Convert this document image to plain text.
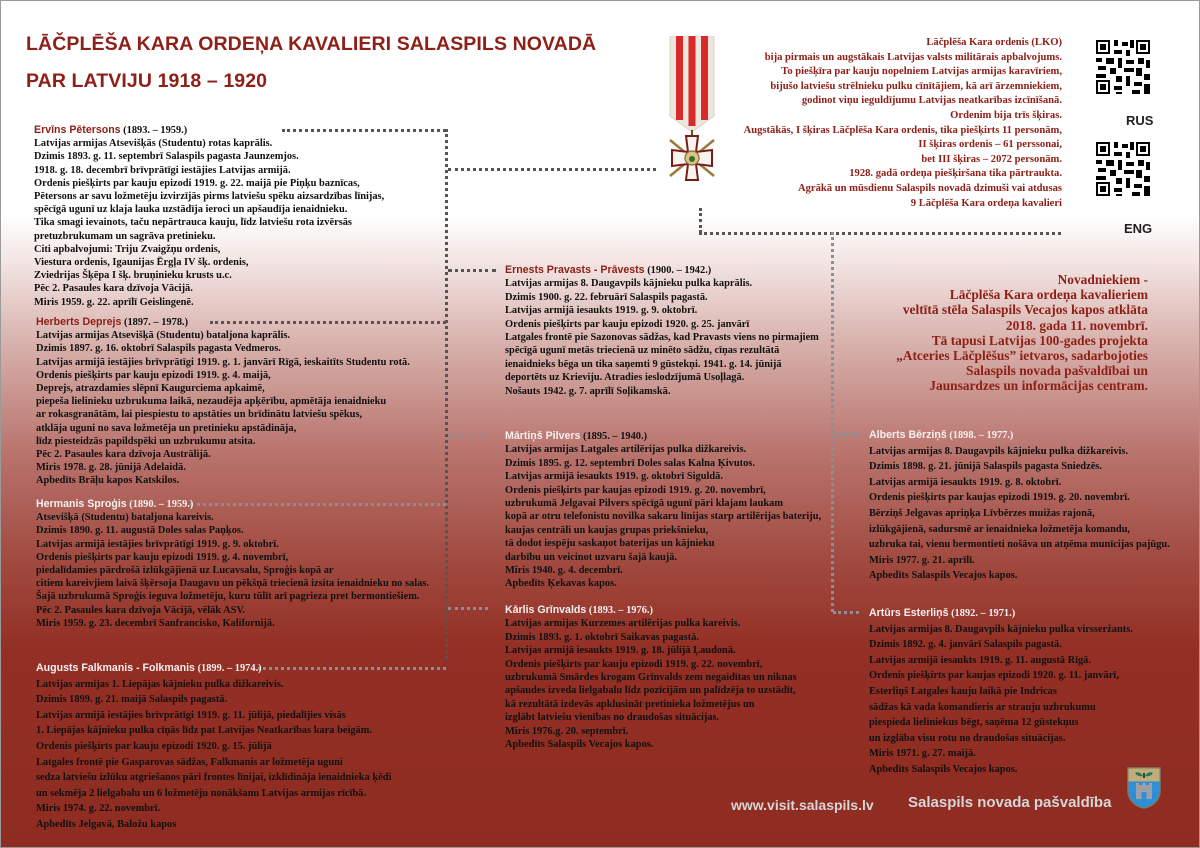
LĀČPLĒŠA KARA ORDEŅA KAVALIERI SALASPILS NOVADĀ
PAR LATVIJU 1918 – 1920
Lāčplēša Kara ordenis (LKO)
bija pirmais un augstākais Latvijas valsts militārais apbalvojums.
To piešķīra par kauju nopelniem Latvijas armijas karavīriem,
bijušo latviešu strēlnieku pulku cīnītājiem, kā arī ārzemniekiem,
godinot viņu ieguldījumu Latvijas neatkarības izcīnīšanā.
Ordenim bija trīs šķiras.
Augstākās, I šķiras Lāčplēša Kara ordenis, tika piešķirts 11 personām,
II šķiras ordenis – 61 perssonai,
bet III šķiras – 2072 personām.
1928. gadā ordeņa piešķiršana tika pārtraukta.
Agrākā un mūsdienu Salaspils novadā dzimuši vai atdusas
9 Lāčplēša Kara ordeņa kavalieri
RUS
ENG
Novadniekiem -
Lāčplēša Kara ordeņa kavalieriem
veltītā stēla Salaspils Vecajos kapos atklāta
2018. gada 11. novembrī.
Tā tapusi Latvijas 100-gades projekta
„Atceries Lāčplēšus” ietvaros, sadarbojoties
Salaspils novada pašvaldībai un
Jaunsardzes un informācijas centram.
Ervīns Pētersons (1893. – 1959.)
Latvijas armijas Atsevišķās (Studentu) rotas kaprālis.
Dzimis 1893. g. 11. septembrī Salaspils pagasta Jaunzemjos.
1918. g. 18. decembrī brīvprātīgi iestājies Latvijas armijā.
Ordenis piešķirts par kauju epizodi 1919. g. 22. maijā pie Piņķu baznīcas,
Pētersons ar savu ložmetēju izvirzījās pirms latviešu spēku aizsardzības līnijas,
spēcīgā ugunī uz klaja lauka uzstādīja ieroci un apšaudīja ienaidnieku.
Tika smagi ievainots, taču nepārtrauca kauju, līdz latviešu rota izvērsās
pretuzbrukumam un sagrāva pretinieku.
Citi apbalvojumi: Triju Zvaigžņu ordenis,
Viestura ordenis, Igaunijas Ērgļa IV šķ. ordenis,
Zviedrijas Šķēpa I šķ. bruņinieku krusts u.c.
Pēc 2. Pasaules kara dzīvoja Vācijā.
Miris 1959. g. 22. aprīlī Geislingenē.
Herberts Deprejs (1897. – 1978.)
Latvijas armijas Atsevišķā (Studentu) bataljona kaprālis.
Dzimis 1897. g. 16. oktobrī Salaspils pagasta Vedmeros.
Latvijas armijā iestājies brīvprātīgi 1919. g. 1. janvārī Rīgā, ieskaitīts Studentu rotā.
Ordenis piešķirts par kauju epizodi 1919. g. 4. maijā,
Deprejs, atrazdamies slēpnī Kaugurciema apkaimē,
piepeša lielinieku uzbrukuma laikā, nezaudēja apķērību, apmētāja ienaidnieku
ar rokasgranātām, lai piespiestu to apstāties un brīdinātu latviešu spēkus,
atklāja uguni no sava ložmetēja un pretinieku apstādināja,
līdz piesteidzās papildspēki un uzbrukumu atsita.
Pēc 2. Pasaules kara dzīvoja Austrālijā.
Miris 1978. g. 28. jūnijā Adelaidā.
Apbedīts Brāļu kapos Katskilos.
Hermanis Sproģis (1890. – 1959.)
Atsevišķā (Studentu) bataljona kareivis.
Dzimis 1890. g. 11. augustā Doles salas Paņķos.
Latvijas armijā iestājies brīvprātīgi 1919. g. 9. oktobrī.
Ordenis piešķirts par kauju epizodi 1919. g. 4. novembrī,
piedalīdamies pārdrošā izlūkgājienā uz Lucavsalu, Sproģis kopā ar
citiem kareivjiem laivā šķērsoja Daugavu un pēkšņā triecienā izsita ienaidnieku no salas.
Šajā uzbrukumā Sproģis ieguva ložmetēju, kuru tūlīt arī pagrieza pret bermontiešiem.
Pēc 2. Pasaules kara dzīvoja Vācijā, vēlāk ASV.
Miris 1959. g. 23. decembrī Sanfrancisko, Kalifornijā.
Augusts Falkmanis - Folkmanis (1899. – 1974.)
Latvijas armijas 1. Liepājas kājnieku pulka dižkareivis.
Dzimis 1899. g. 21. maijā Salaspils pagastā.
Latvijas armijā iestājies brīvprātīgi 1919. g. 11. jūlijā, piedalījies visās
1. Liepājas kājnieku pulka cīņās līdz pat Latvijas Neatkarības kara beigām.
Ordenis piešķirts par kauju epizodi 1920. g. 15. jūlijā
Latgales frontē pie Gasparovas sādžas, Falkmanis ar ložmetēja uguni
sedza latviešu izlūku atgriešanos pāri frontes līnijai, izklīdināja ienaidnieka ķēdi
un sekmēja 2 lielgabalu un 6 ložmetēju nonākšanu Latvijas armijas rīcībā.
Miris 1974. g. 22. novembrī.
Apbedīts Jelgavā, Baložu kapos
Ernests Pravasts - Prāvests (1900. – 1942.)
Latvijas armijas 8. Daugavpils kājnieku pulka kaprālis.
Dzimis 1900. g. 22. februārī Salaspils pagastā.
Latvijas armijā iesaukts 1919. g. 9. oktobrī.
Ordenis piešķirts par kauju epizodi 1920. g. 25. janvārī
Latgales frontē pie Sazonovas sādžas, kad Pravasts viens no pirmajiem
spēcīgā ugunī metās triecienā uz minēto sādžu, cīņas rezultātā
ienaidnieks bēga un tika saņemti 9 gūstekņi. 1941. g. 14. jūnijā
deportēts uz Krieviju. Atradies ieslodzījumā Usoļlagā.
Nošauts 1942. g. 7. aprīlī Soļikamskā.
Mārtiņš Pilvers (1895. – 1940.)
Latvijas armijas Latgales artilērijas pulka dižkareivis.
Dzimis 1895. g. 12. septembrī Doles salas Kalna Ķivutos.
Latvijas armijā iesaukts 1919. g. oktobrī Siguldā.
Ordenis piešķirts par kaujas epizodi 1919. g. 20. novembrī,
uzbrukumā Jelgavai Pilvers spēcīgā ugunī pāri klajam laukam
kopā ar otru telefonistu novilka sakaru līnijas starp artilērijas bateriju,
kaujas centrāli un kaujas grupas priekšnieku,
tā dodot iespēju saskaņot baterijas un kājnieku
darbību un veicinot uzvaru šajā kaujā.
Miris 1940. g. 4. decembrī.
Apbedīts Ķekavas kapos.
Kārlis Grīnvalds (1893. – 1976.)
Latvijas armijas Kurzemes artilērijas pulka kareivis.
Dzimis 1893. g. 1. oktobrī Saikavas pagastā.
Latvijas armijā iesaukts 1919. g. 18. jūlijā Ļaudonā.
Ordenis piešķirts par kauju epizodi 1919. g. 22. novembrī,
uzbrukumā Smārdes krogam Grīnvalds zem negaidītas un niknas
apšaudes izveda lielgabalu līdz pozīcijām un palīdzēja to uzstādīt,
kā rezultātā izdevās apklusināt pretinieka ložmetējus un
izglābt latviešu vienības no draudošas situācijas.
Miris 1976.g. 20. septembrī.
Apbedīts Salaspils Vecajos kapos.
Alberts Bērziņš (1898. – 1977.)
Latvijas armijas 8. Daugavpils kājnieku pulka dižkareivis.
Dzimis 1898. g. 21. jūnijā Salaspils pagasta Sniedzēs.
Latvijas armijā iesaukts 1919. g. 8. oktobrī.
Ordenis piešķirts par kaujas epizodi 1919. g. 20. novembrī.
Bērziņš Jelgavas apriņķa Līvbērzes muižas rajonā,
izlūkgājienā, sadursmē ar ienaidnieka ložmetēja komandu,
uzbruka tai, vienu bermontieti nošāva un atņēma munīcijas pajūgu.
Miris 1977. g. 21. aprīlī.
Apbedīts Salaspils Vecajos kapos.
Artūrs Esterliņš (1892. – 1971.)
Latvijas armijas 8. Daugavpils kājnieku pulka virsseržants.
Dzimis 1892. g. 4. janvārī Salaspils pagastā.
Latvijas armijā iesaukts 1919. g. 11. augustā Rīgā.
Ordenis piešķirts par kaujas epizodi 1920. g. 11. janvārī,
Esterliņš Latgales kauju laikā pie Indricas
sādžas kā vada komandieris ar strauju uzbrukumu
piespieda lieliniekus bēgt, saņēma 12 gūstekņus
un izglāba visu rotu no draudošas situācijas.
Miris 1971. g. 27. maijā.
Apbedīts Salaspils Vecajos kapos.
www.visit.salaspils.lv Salaspils novada pašvaldība
